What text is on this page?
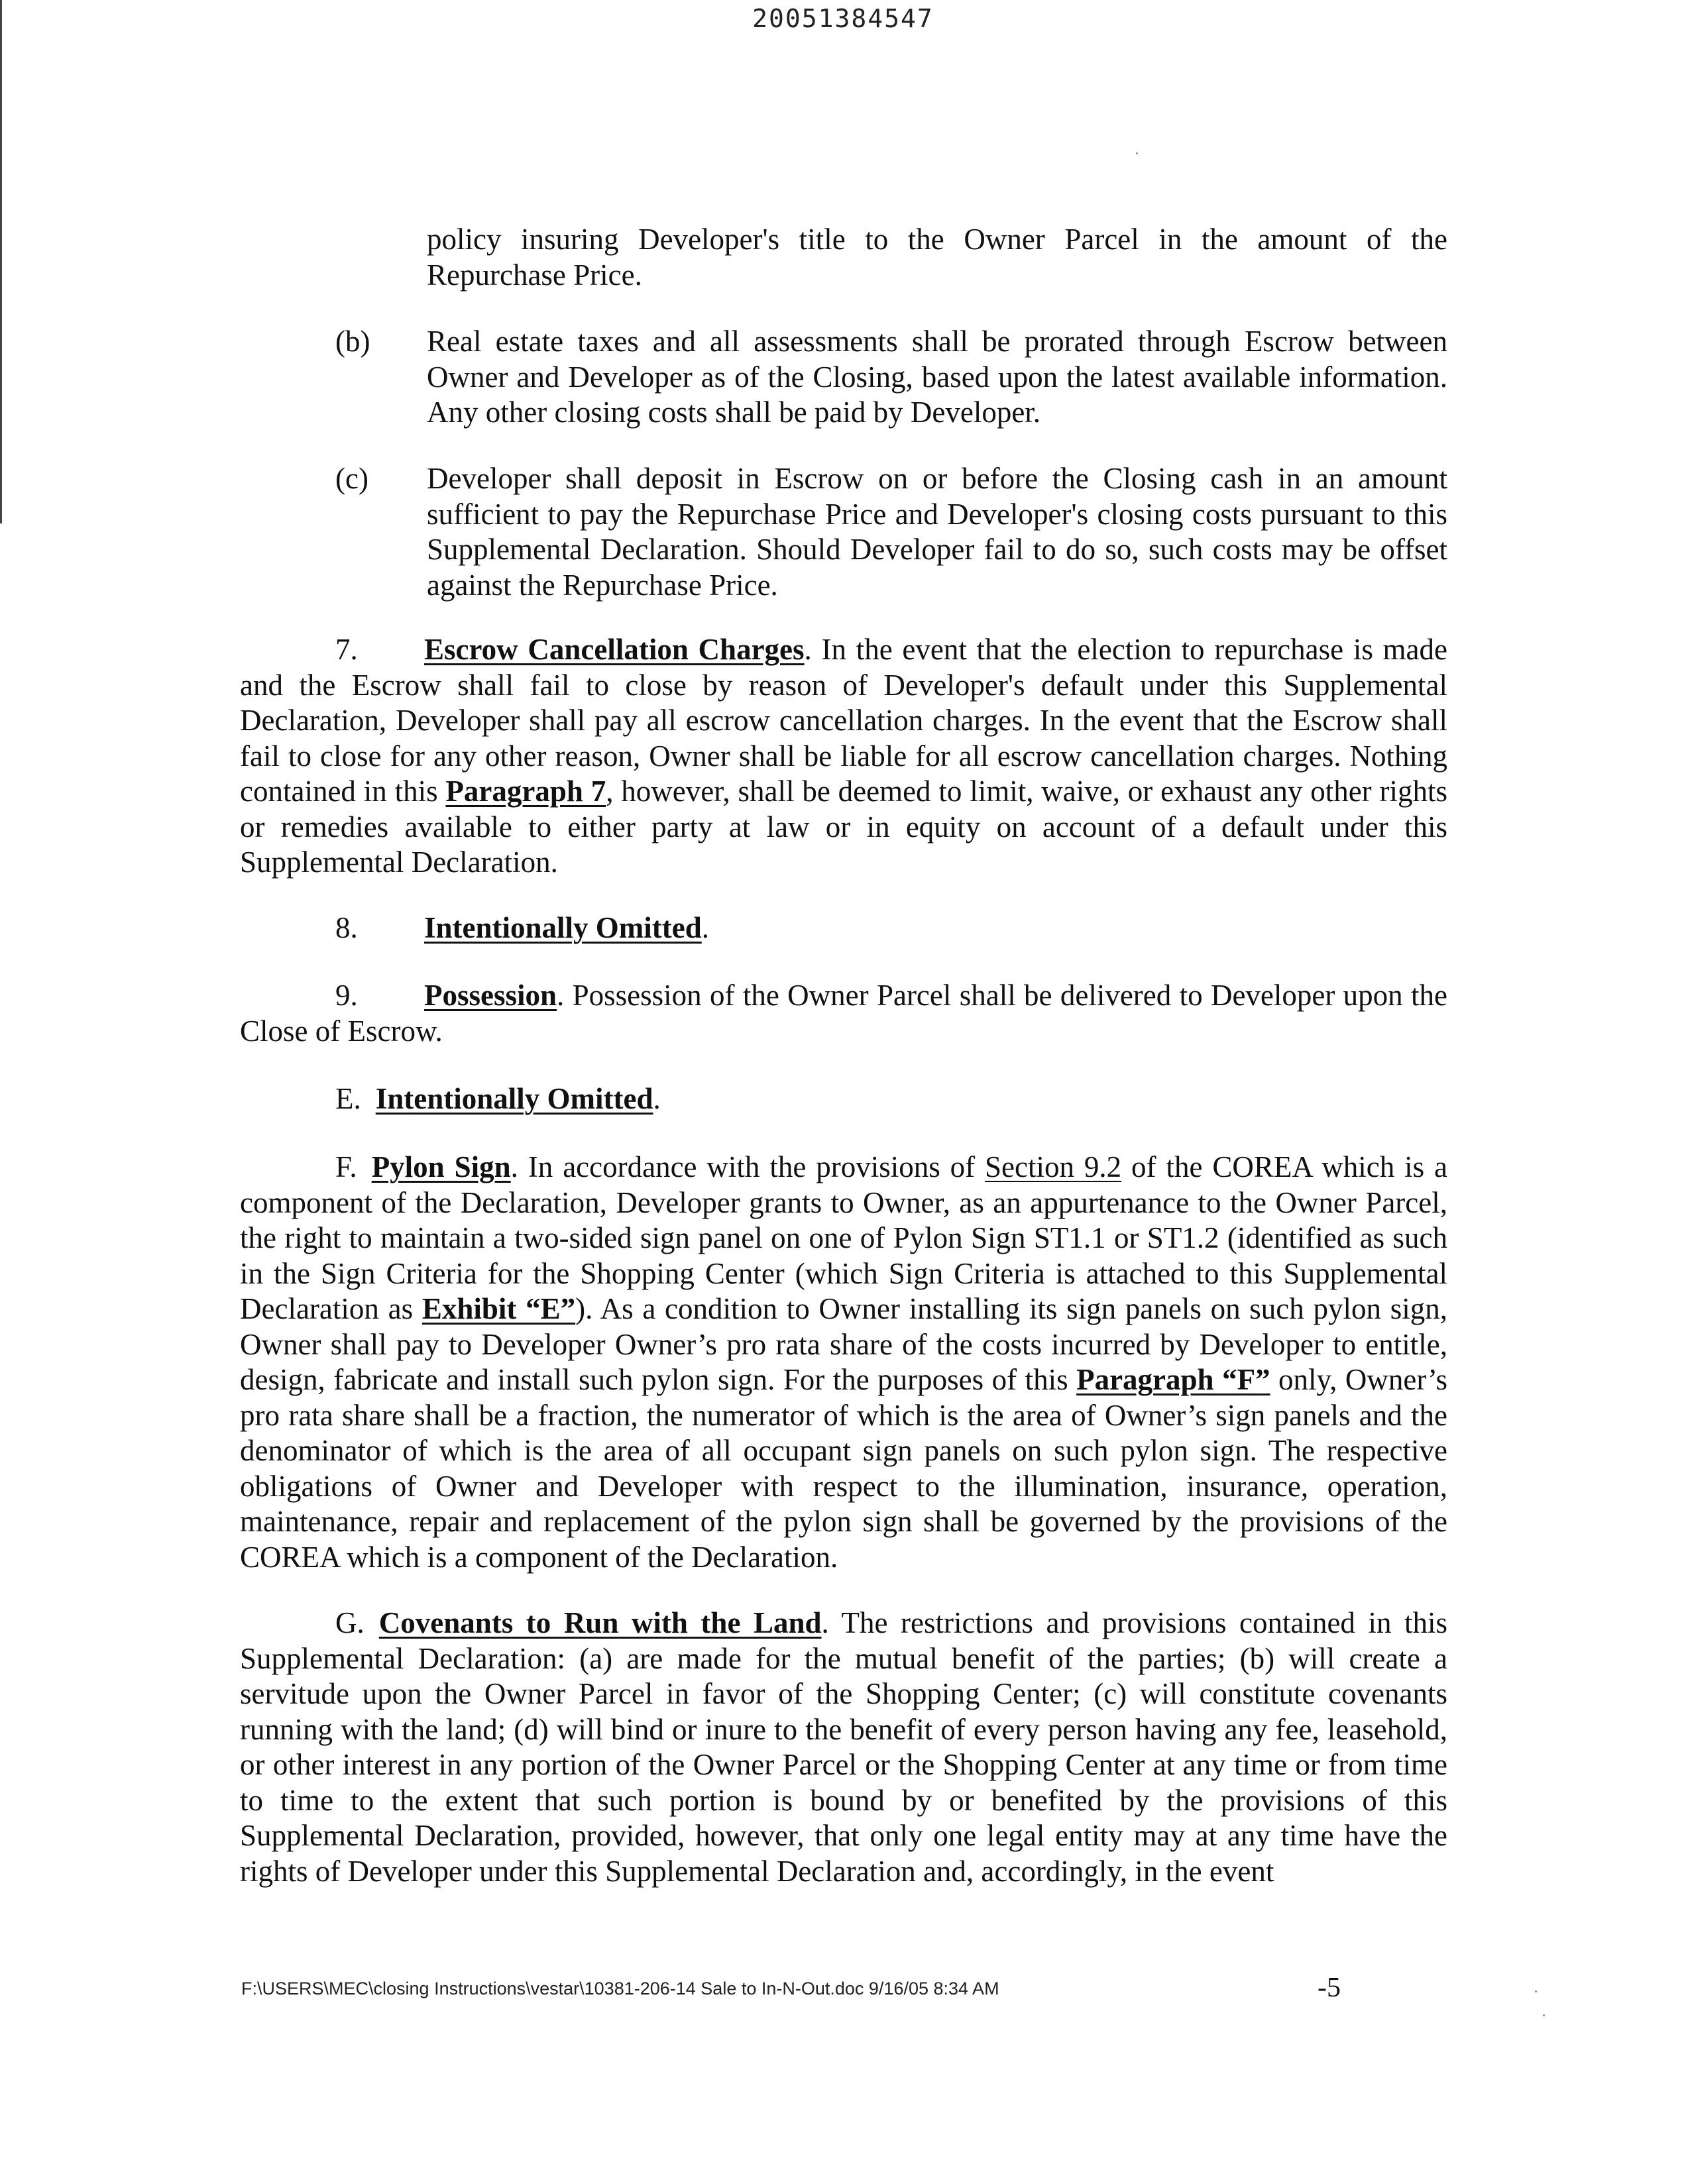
20051384547
policy insuring Developer's title to the Owner Parcel in the amount of the Repurchase Price.
(b) Real estate taxes and all assessments shall be prorated through Escrow between Owner and Developer as of the Closing, based upon the latest available information. Any other closing costs shall be paid by Developer.
(c) Developer shall deposit in Escrow on or before the Closing cash in an amount sufficient to pay the Repurchase Price and Developer's closing costs pursuant to this Supplemental Declaration. Should Developer fail to do so, such costs may be offset against the Repurchase Price.
7. Escrow Cancellation Charges. In the event that the election to repurchase is made and the Escrow shall fail to close by reason of Developer's default under this Supplemental Declaration, Developer shall pay all escrow cancellation charges. In the event that the Escrow shall fail to close for any other reason, Owner shall be liable for all escrow cancellation charges. Nothing contained in this Paragraph 7, however, shall be deemed to limit, waive, or exhaust any other rights or remedies available to either party at law or in equity on account of a default under this Supplemental Declaration.
8. Intentionally Omitted.
9. Possession. Possession of the Owner Parcel shall be delivered to Developer upon the Close of Escrow.
E. Intentionally Omitted.
F. Pylon Sign. In accordance with the provisions of Section 9.2 of the COREA which is a component of the Declaration, Developer grants to Owner, as an appurtenance to the Owner Parcel, the right to maintain a two-sided sign panel on one of Pylon Sign ST1.1 or ST1.2 (identified as such in the Sign Criteria for the Shopping Center (which Sign Criteria is attached to this Supplemental Declaration as Exhibit “E”). As a condition to Owner installing its sign panels on such pylon sign, Owner shall pay to Developer Owner’s pro rata share of the costs incurred by Developer to entitle, design, fabricate and install such pylon sign. For the purposes of this Paragraph “F” only, Owner’s pro rata share shall be a fraction, the numerator of which is the area of Owner’s sign panels and the denominator of which is the area of all occupant sign panels on such pylon sign. The respective obligations of Owner and Developer with respect to the illumination, insurance, operation, maintenance, repair and replacement of the pylon sign shall be governed by the provisions of the COREA which is a component of the Declaration.
G. Covenants to Run with the Land. The restrictions and provisions contained in this Supplemental Declaration: (a) are made for the mutual benefit of the parties; (b) will create a servitude upon the Owner Parcel in favor of the Shopping Center; (c) will constitute covenants running with the land; (d) will bind or inure to the benefit of every person having any fee, leasehold, or other interest in any portion of the Owner Parcel or the Shopping Center at any time or from time to time to the extent that such portion is bound by or benefited by the provisions of this Supplemental Declaration, provided, however, that only one legal entity may at any time have the rights of Developer under this Supplemental Declaration and, accordingly, in the event
F:\USERS\MEC\closing Instructions\vestar\10381-206-14 Sale to In-N-Out.doc 9/16/05 8:34 AM	-5
